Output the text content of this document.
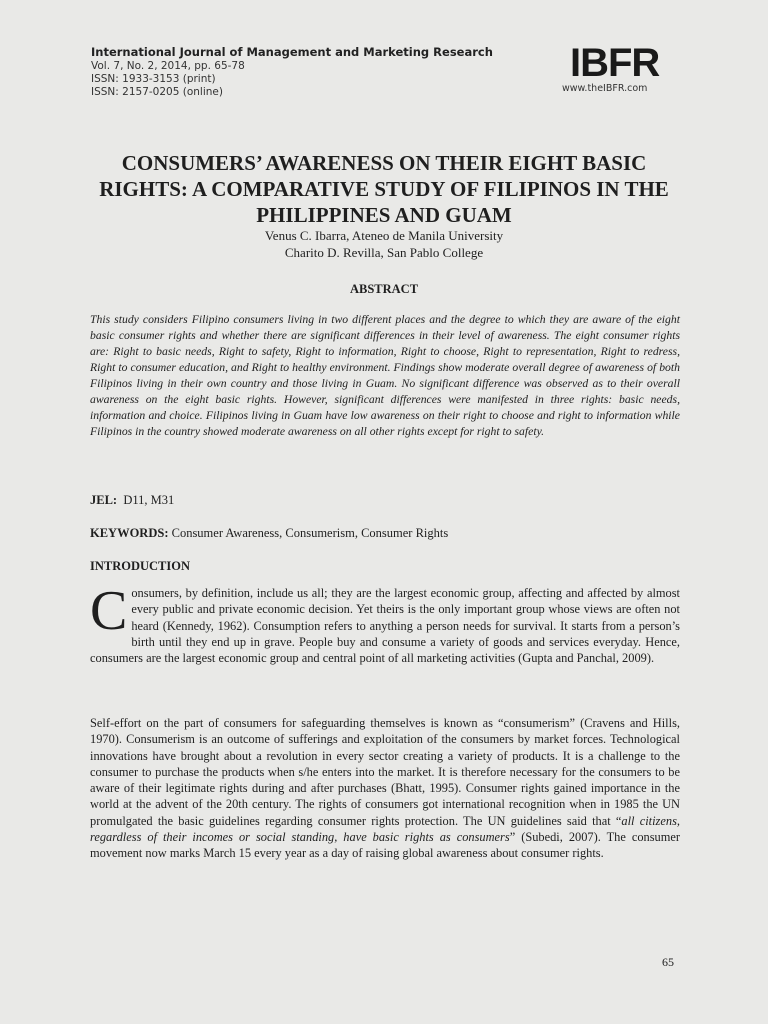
International Journal of Management and Marketing Research

Vol. 7, No. 2, 2014, pp. 65-78

ISSN: 1933-3153 (print)

ISSN: 2157-0205 (online)

IBFR
www.theIBFR.com
CONSUMERS’ AWARENESS ON THEIR EIGHT BASIC RIGHTS: A COMPARATIVE STUDY OF FILIPINOS IN THE PHILIPPINES AND GUAM

Venus C. Ibarra, Ateneo de Manila University

Charito D. Revilla, San Pablo College

ABSTRACT

This study considers Filipino consumers living in two different places and the degree to which they are aware of the eight basic consumer rights and whether there are significant differences in their level of awareness. The eight consumer rights are: Right to basic needs, Right to safety, Right to information, Right to choose, Right to representation, Right to redress, Right to consumer education, and Right to healthy environment. Findings show moderate overall degree of awareness of both Filipinos living in their own country and those living in Guam. No significant difference was observed as to their overall awareness on the eight basic rights. However, significant differences were manifested in three rights: basic needs, information and choice. Filipinos living in Guam have low awareness on their right to choose and right to information while Filipinos in the country showed moderate awareness on all other rights except for right to safety.

JEL: D11, M31

KEYWORDS: Consumer Awareness, Consumerism, Consumer Rights

INTRODUCTION

Consumers, by definition, include us all; they are the largest economic group, affecting and affected by almost every public and private economic decision. Yet theirs is the only important group whose views are often not heard (Kennedy, 1962). Consumption refers to anything a person needs for survival. It starts from a person’s birth until they end up in grave. People buy and consume a variety of goods and services everyday. Hence, consumers are the largest economic group and central point of all marketing activities (Gupta and Panchal, 2009).

Self-effort on the part of consumers for safeguarding themselves is known as “consumerism” (Cravens and Hills, 1970). Consumerism is an outcome of sufferings and exploitation of the consumers by market forces. Technological innovations have brought about a revolution in every sector creating a variety of products. It is a challenge to the consumer to purchase the products when s/he enters into the market. It is therefore necessary for the consumers to be aware of their legitimate rights during and after purchases (Bhatt, 1995). Consumer rights gained importance in the world at the advent of the 20th century. The rights of consumers got international recognition when in 1985 the UN promulgated the basic guidelines regarding consumer rights protection. The UN guidelines said that “all citizens, regardless of their incomes or social standing, have basic rights as consumers” (Subedi, 2007). The consumer movement now marks March 15 every year as a day of raising global awareness about consumer rights.

65
